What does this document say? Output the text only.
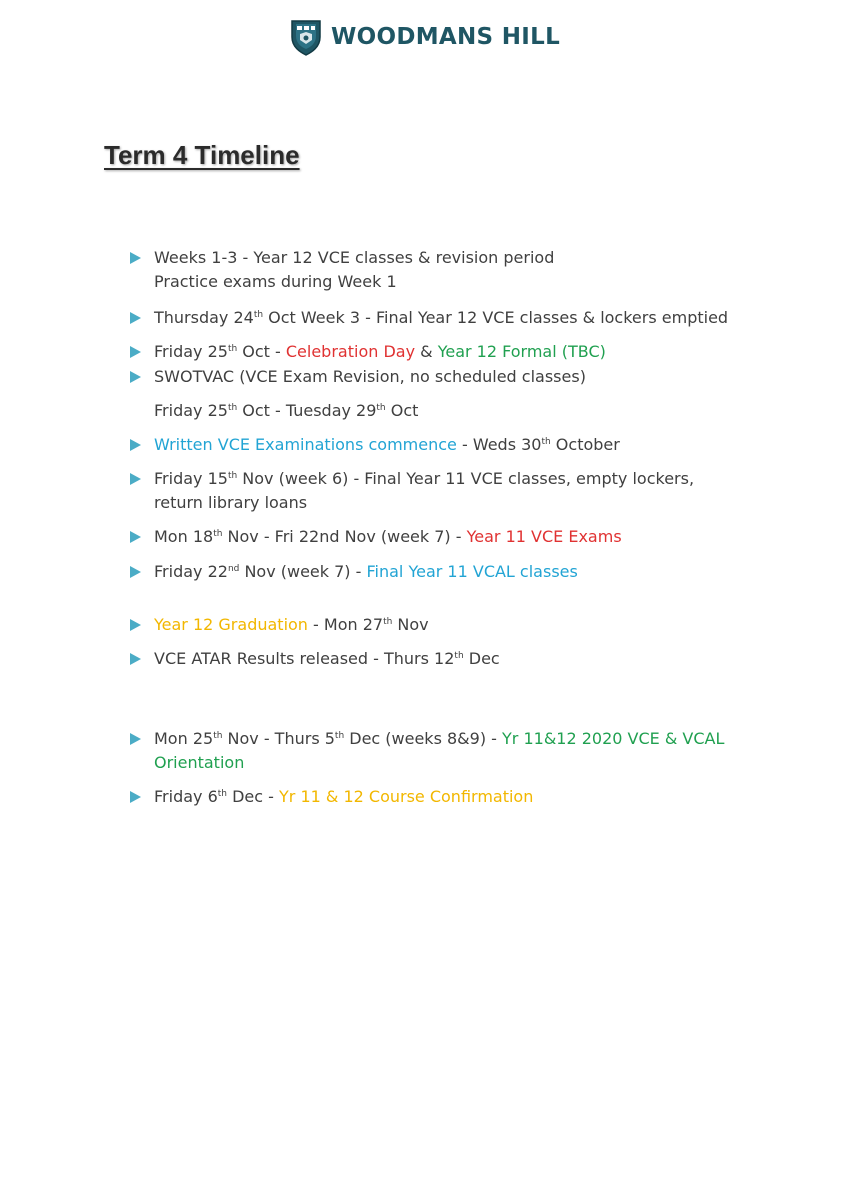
WOODMANS HILL
Term 4 Timeline
Weeks 1-3 - Year 12 VCE classes & revision period
Practice exams during Week 1
Thursday 24th Oct Week 3 - Final Year 12 VCE classes & lockers emptied
Friday 25th Oct - Celebration Day & Year 12 Formal (TBC)
SWOTVAC (VCE Exam Revision, no scheduled classes)
Friday 25th Oct - Tuesday 29th Oct
Written VCE Examinations commence - Weds 30th October
Friday 15th Nov (week 6) - Final Year 11 VCE classes, empty lockers,
return library loans
Mon 18th Nov - Fri 22nd Nov (week 7) - Year 11 VCE Exams
Friday 22nd Nov (week 7) - Final Year 11 VCAL classes
Year 12 Graduation - Mon 27th Nov
VCE ATAR Results released - Thurs 12th Dec
Mon 25th Nov - Thurs 5th Dec (weeks 8&9) - Yr 11&12 2020 VCE & VCAL
Orientation
Friday 6th Dec - Yr 11 & 12 Course Confirmation
